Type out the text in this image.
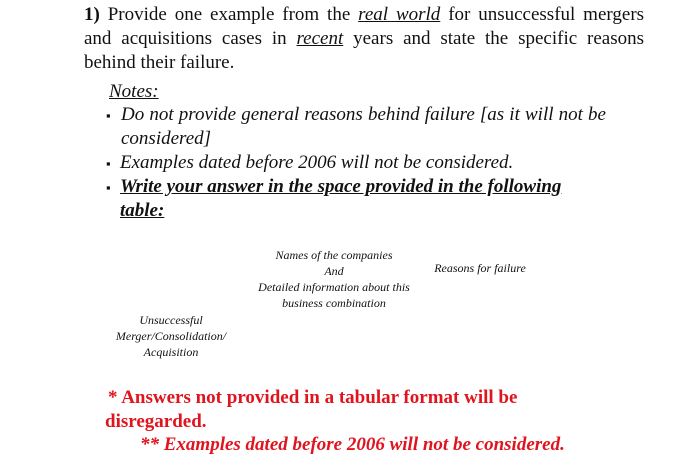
1) Provide one example from the real world for unsuccessful mergers and acquisitions cases in recent years and state the specific reasons behind their failure.
Notes:
▪ Do not provide general reasons behind failure [as it will not be considered]
▪ Examples dated before 2006 will not be considered.
▪ Write your answer in the space provided in the following table:
Names of the companies
And
Detailed information about this business combination
Reasons for failure
Unsuccessful Merger/Consolidation/ Acquisition
* Answers not provided in a tabular format will be
disregarded.
** Examples dated before 2006 will not be considered.
